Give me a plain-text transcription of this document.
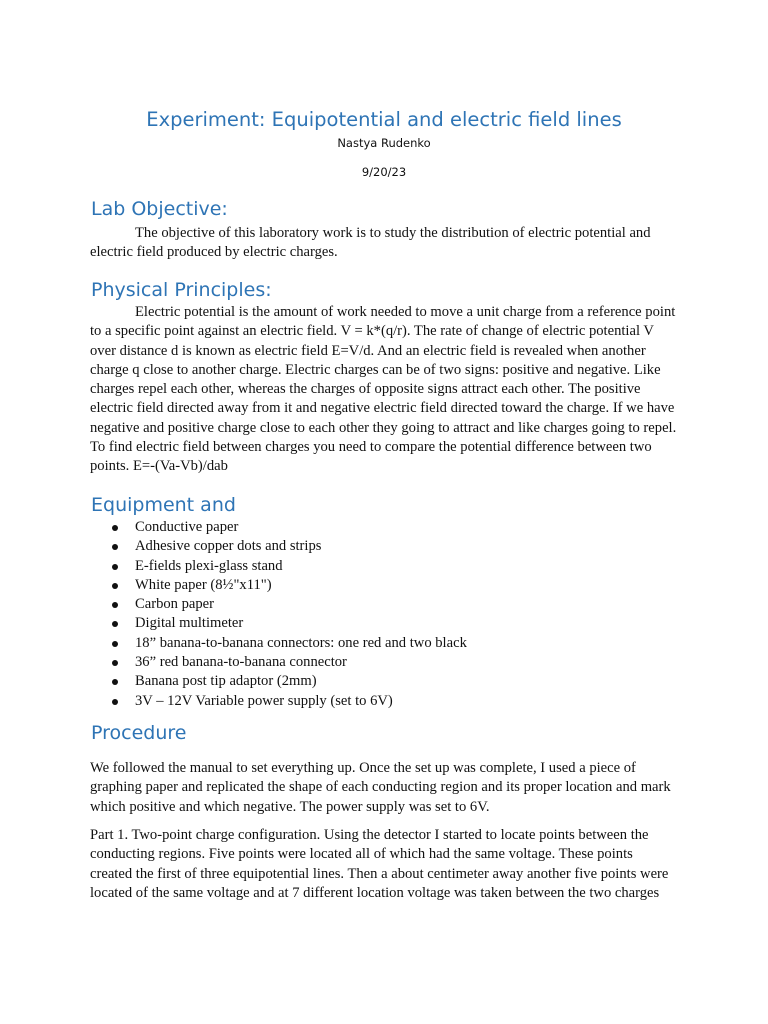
Experiment: Equipotential and electric field lines
Nastya Rudenko
9/20/23
Lab Objective:

The objective of this laboratory work is to study the distribution of electric potential and electric field produced by electric charges.

Physical Principles:

Electric potential is the amount of work needed to move a unit charge from a reference point to a specific point against an electric field. V = k*(q/r). The rate of change of electric potential V over distance d is known as electric field E=V/d. And an electric field is revealed when another charge q close to another charge. Electric charges can be of two signs: positive and negative. Like charges repel each other, whereas the charges of opposite signs attract each other. The positive electric field directed away from it and negative electric field directed toward the charge. If we have negative and positive charge close to each other they going to attract and like charges going to repel. To find electric field between charges you need to compare the potential difference between two points. E=-(Va-Vb)/dab

Equipment and
Conductive paper
Adhesive copper dots and strips
E-fields plexi-glass stand
White paper (8½"x11")
Carbon paper
Digital multimeter
18” banana-to-banana connectors: one red and two black
36” red banana-to-banana connector
Banana post tip adaptor (2mm)
3V – 12V Variable power supply (set to 6V)
Procedure

We followed the manual to set everything up. Once the set up was complete, I used a piece of graphing paper and replicated the shape of each conducting region and its proper location and mark which positive and which negative. The power supply was set to 6V.

Part 1. Two-point charge configuration. Using the detector I started to locate points between the conducting regions. Five points were located all of which had the same voltage. These points created the first of three equipotential lines. Then a about centimeter away another five points were located of the same voltage and at 7 different location voltage was taken between the two charges
